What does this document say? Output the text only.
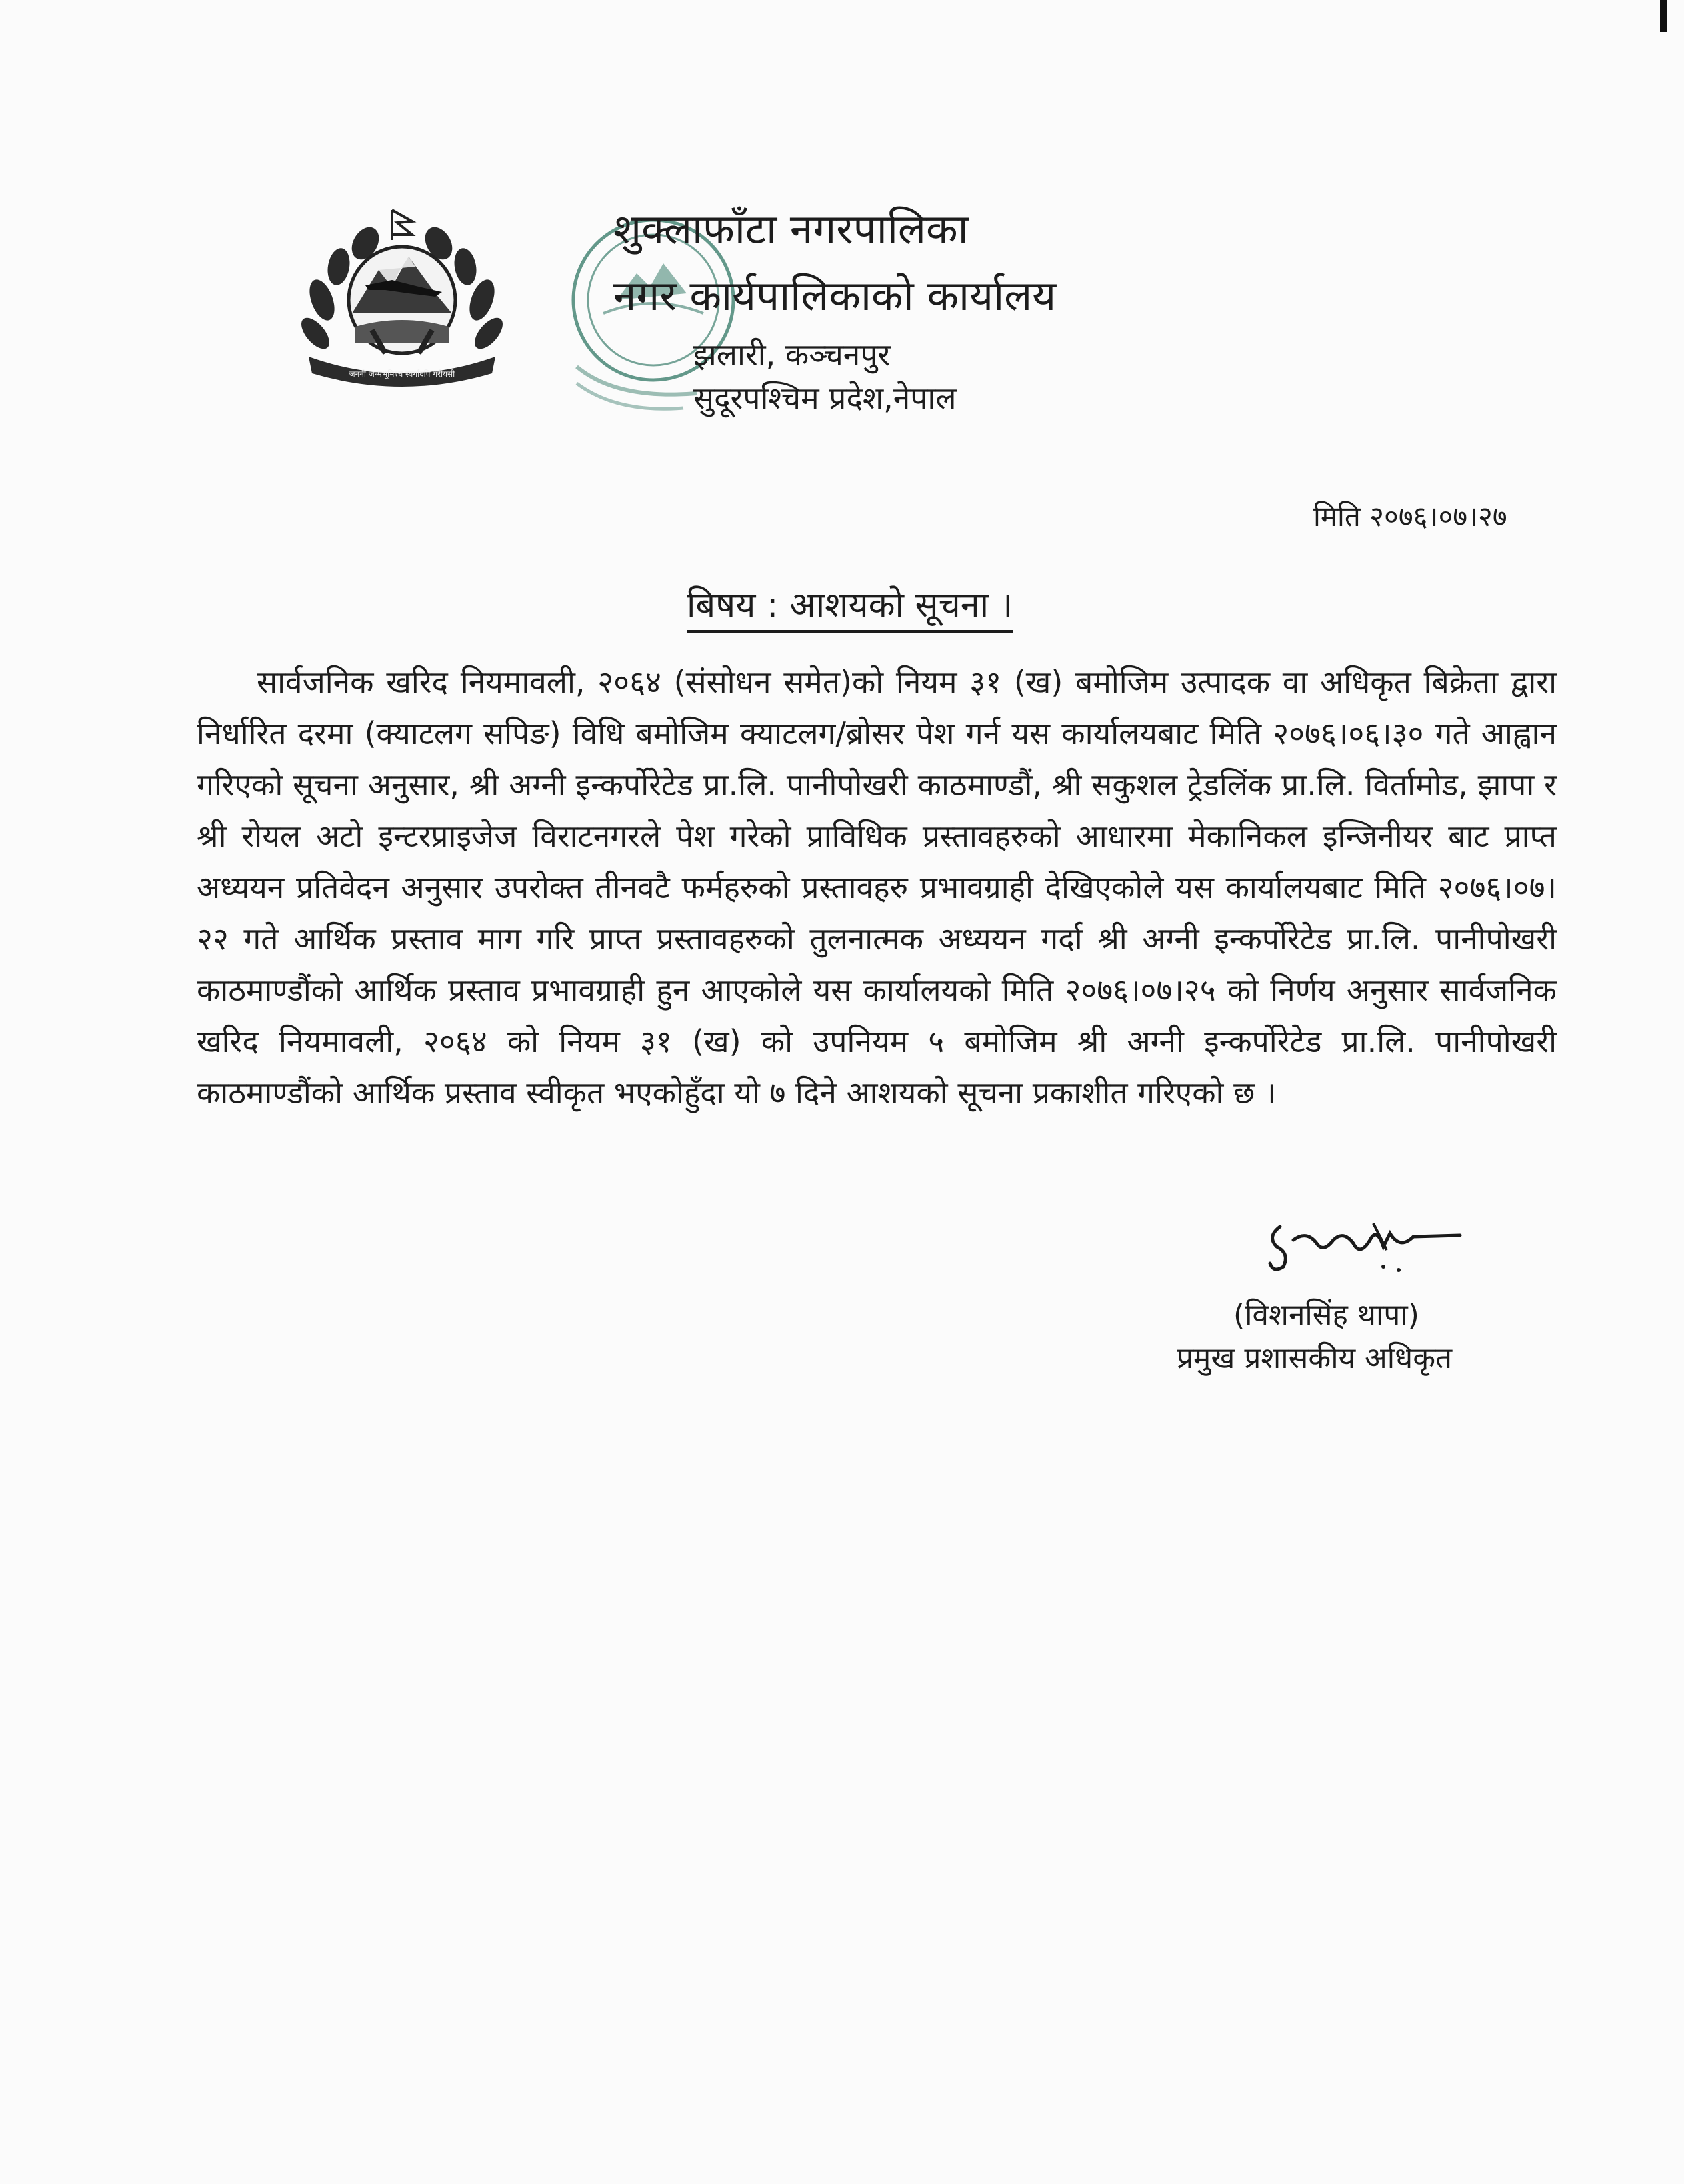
जननी जन्मभूमिश्च स्वर्गादपि गरीयसी
शुक्लाफाँटा नगरपालिका
नगर कार्यपालिकाको कार्यालय
झलारी, कञ्चनपुर
सुदूरपश्चिम प्रदेश,नेपाल
मिति २०७६।०७।२७
बिषय : आशयको सूचना ।
सार्वजनिक खरिद नियमावली, २०६४ (संसोधन समेत)को नियम ३१ (ख) बमोजिम उत्पादक वा अधिकृत बिक्रेता द्वारा निर्धारित दरमा (क्याटलग सपिङ) विधि बमोजिम क्याटलग/ब्रोसर पेश गर्न यस कार्यालयबाट मिति २०७६।०६।३० गते आह्वान गरिएको सूचना अनुसार, श्री अग्नी इन्कर्पोरेटेड प्रा.लि. पानीपोखरी काठमाण्डौं, श्री सकुशल ट्रेडलिंक प्रा.लि. विर्तामोड, झापा र श्री रोयल अटो इन्टरप्राइजेज विराटनगरले पेश गरेको प्राविधिक प्रस्तावहरुको आधारमा मेकानिकल इन्जिनीयर बाट प्राप्त अध्ययन प्रतिवेदन अनुसार उपरोक्त तीनवटै फर्महरुको प्रस्तावहरु प्रभावग्राही देखिएकोले यस कार्यालयबाट मिति २०७६।०७।२२ गते आर्थिक प्रस्ताव माग गरि प्राप्त प्रस्तावहरुको तुलनात्मक अध्ययन गर्दा श्री अग्नी इन्कर्पोरेटेड प्रा.लि. पानीपोखरी काठमाण्डौंको आर्थिक प्रस्ताव प्रभावग्राही हुन आएकोले यस कार्यालयको मिति २०७६।०७।२५ को निर्णय अनुसार सार्वजनिक खरिद नियमावली, २०६४ को नियम ३१ (ख) को उपनियम ५ बमोजिम श्री अग्नी इन्कर्पोरेटेड प्रा.लि. पानीपोखरी काठमाण्डौंको आर्थिक प्रस्ताव स्वीकृत भएकोहुँदा यो ७ दिने आशयको सूचना प्रकाशीत गरिएको छ ।
(विशनसिंह थापा)
प्रमुख प्रशासकीय अधिकृत
